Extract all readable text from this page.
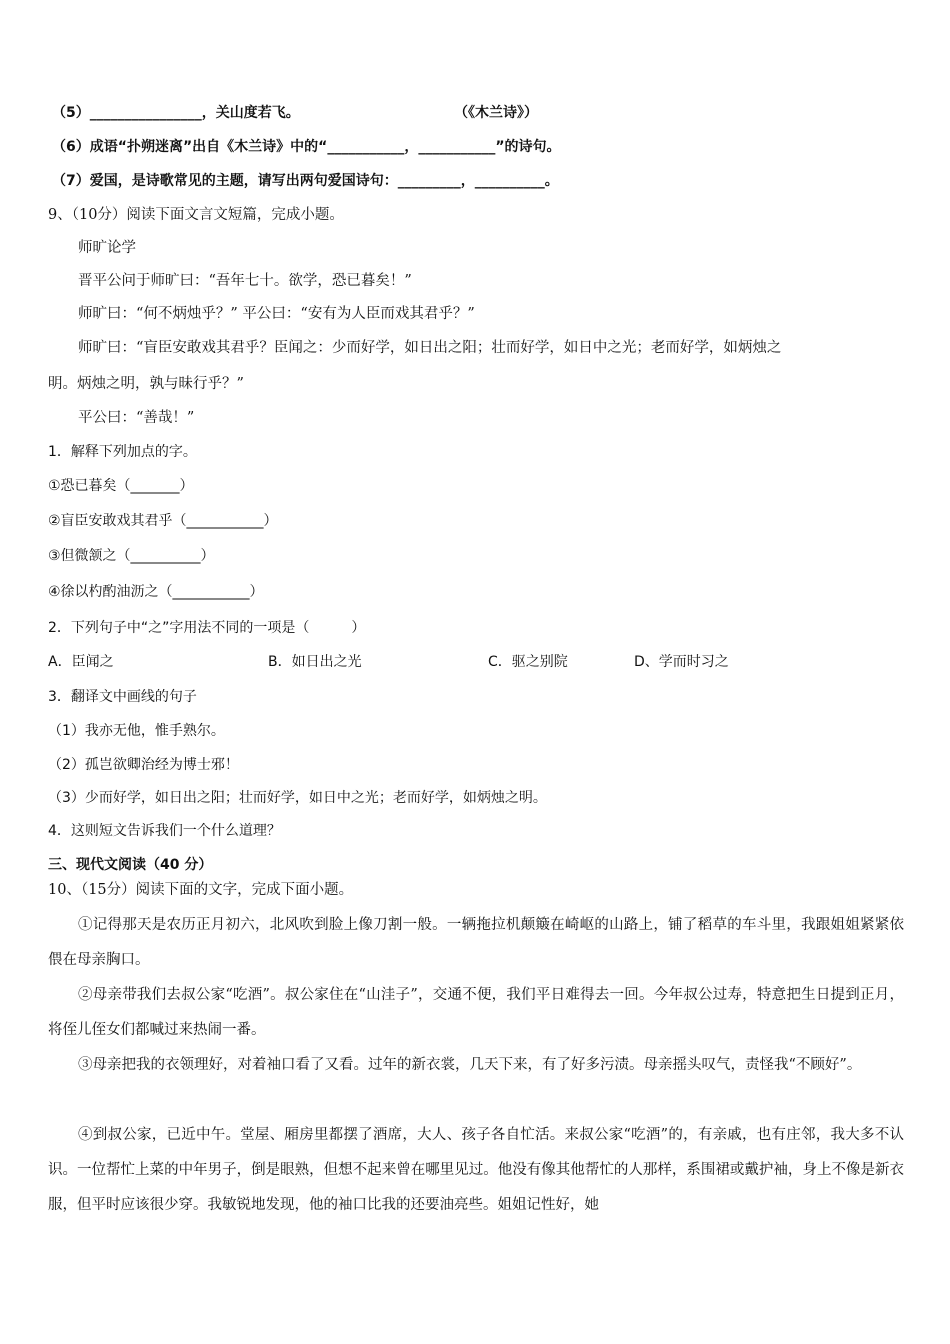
（5）________________，关山度若飞。	（《木兰诗》）
（6）成语“扑朔迷离”出自《木兰诗》中的“___________，___________”的诗句。
（7）爱国，是诗歌常见的主题，请写出两句爱国诗句：_________，__________。
9、（10分）阅读下面文言文短篇，完成小题。
师旷论学
晋平公问于师旷曰：“吾年七十。欲学，恐已暮矣！”
师旷曰：“何不炳烛乎？” 平公曰：“安有为人臣而戏其君乎？”
师旷曰：“盲臣安敢戏其君乎？臣闻之：少而好学，如日出之阳；壮而好学，如日中之光；老而好学，如炳烛之
明。炳烛之明，孰与昧行乎？”
平公曰：“善哉！”
1．解释下列加点的字。
①恐已暮矣（_______）
②盲臣安敢戏其君乎（___________）
③但微颔之（__________）
④徐以杓酌油沥之（___________）
2．下列句子中“之”字用法不同的一项是（　　　）
A．臣闻之	B．如日出之光	C．驱之别院	D、学而时习之
3．翻译文中画线的句子
（1）我亦无他，惟手熟尔。
（2）孤岂欲卿治经为博士邪！
（3）少而好学，如日出之阳；壮而好学，如日中之光；老而好学，如炳烛之明。
4．这则短文告诉我们一个什么道理？
三、现代文阅读（40 分）
10、（15分）阅读下面的文字，完成下面小题。
①记得那天是农历正月初六，北风吹到脸上像刀割一般。一辆拖拉机颠簸在崎岖的山路上，铺了稻草的车斗里，我跟姐姐紧紧依偎在母亲胸口。
②母亲带我们去叔公家“吃酒”。叔公家住在“山洼子”，交通不便，我们平日难得去一回。今年叔公过寿，特意把生日提到正月，将侄儿侄女们都喊过来热闹一番。
③母亲把我的衣领理好，对着袖口看了又看。过年的新衣裳，几天下来，有了好多污渍。母亲摇头叹气，责怪我“不顾好”。
④到叔公家，已近中午。堂屋、厢房里都摆了酒席，大人、孩子各自忙活。来叔公家“吃酒”的，有亲戚，也有庄邻，我大多不认识。一位帮忙上菜的中年男子，倒是眼熟，但想不起来曾在哪里见过。他没有像其他帮忙的人那样，系围裙或戴护袖，身上不像是新衣服，但平时应该很少穿。我敏锐地发现，他的袖口比我的还要油亮些。姐姐记性好，她
